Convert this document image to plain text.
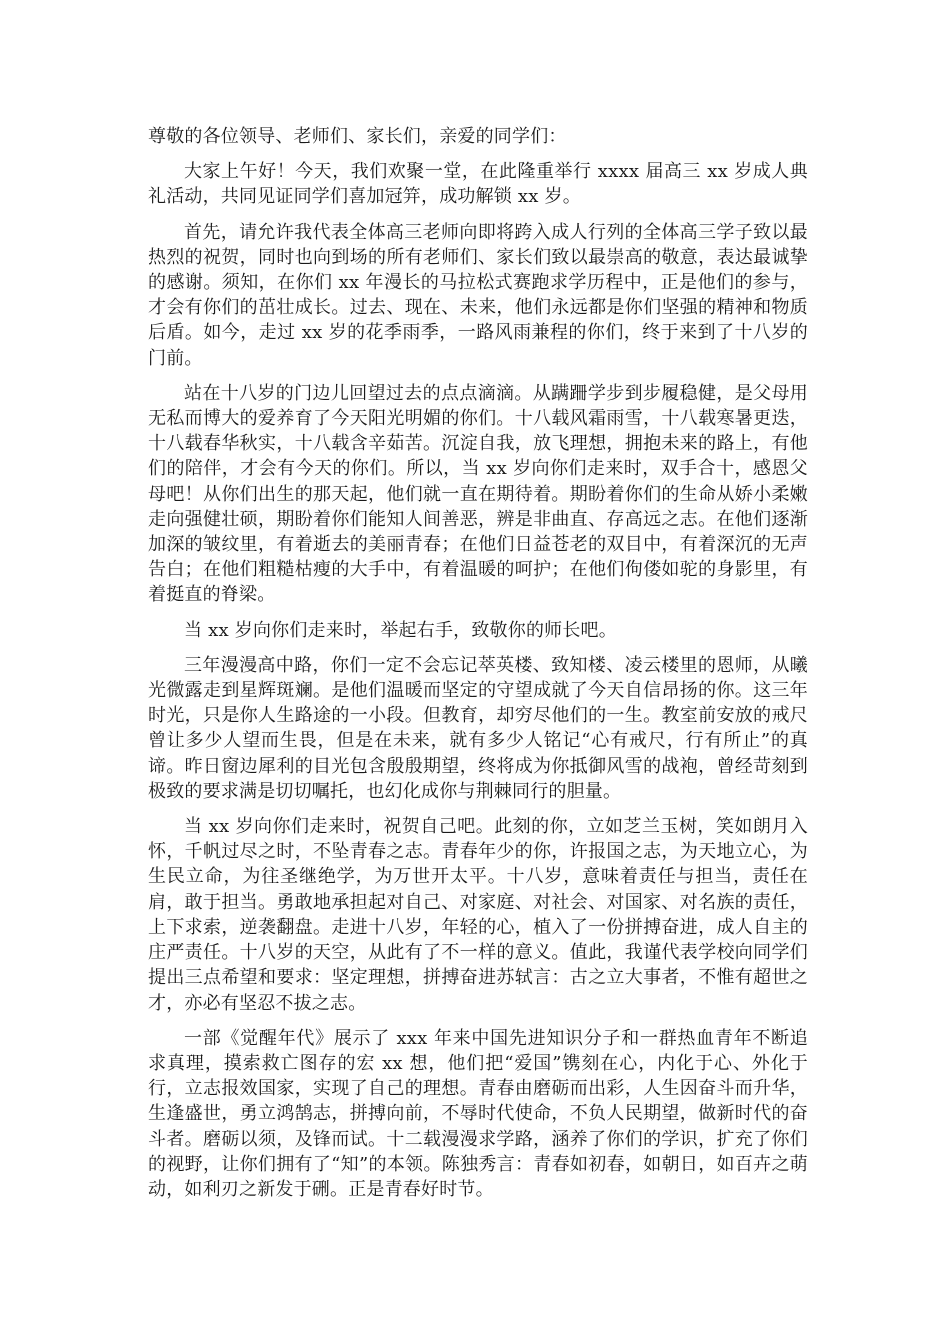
尊敬的各位领导、老师们、家长们，亲爱的同学们：

大家上午好！今天，我们欢聚一堂，在此隆重举行 xxxx 届高三 xx 岁成人典礼活动，共同见证同学们喜加冠笄，成功解锁 xx 岁。

首先，请允许我代表全体高三老师向即将跨入成人行列的全体高三学子致以最热烈的祝贺，同时也向到场的所有老师们、家长们致以最崇高的敬意，表达最诚挚的感谢。须知，在你们 xx 年漫长的马拉松式赛跑求学历程中，正是他们的参与，才会有你们的茁壮成长。过去、现在、未来，他们永远都是你们坚强的精神和物质后盾。如今，走过 xx 岁的花季雨季，一路风雨兼程的你们，终于来到了十八岁的门前。

站在十八岁的门边儿回望过去的点点滴滴。从蹒跚学步到步履稳健，是父母用无私而博大的爱养育了今天阳光明媚的你们。十八载风霜雨雪，十八载寒暑更迭，十八载春华秋实，十八载含辛茹苦。沉淀自我，放飞理想，拥抱未来的路上，有他们的陪伴，才会有今天的你们。所以，当 xx 岁向你们走来时，双手合十，感恩父母吧！从你们出生的那天起，他们就一直在期待着。期盼着你们的生命从娇小柔嫩走向强健壮硕，期盼着你们能知人间善恶，辨是非曲直、存高远之志。在他们逐渐加深的皱纹里，有着逝去的美丽青春；在他们日益苍老的双目中，有着深沉的无声告白；在他们粗糙枯瘦的大手中，有着温暖的呵护；在他们佝偻如驼的身影里，有着挺直的脊梁。

当 xx 岁向你们走来时，举起右手，致敬你的师长吧。

三年漫漫高中路，你们一定不会忘记萃英楼、致知楼、凌云楼里的恩师，从曦光微露走到星辉斑斓。是他们温暖而坚定的守望成就了今天自信昂扬的你。这三年时光，只是你人生路途的一小段。但教育，却穷尽他们的一生。教室前安放的戒尺曾让多少人望而生畏，但是在未来，就有多少人铭记“心有戒尺，行有所止”的真谛。昨日窗边犀利的目光包含殷殷期望，终将成为你抵御风雪的战袍，曾经苛刻到极致的要求满是切切嘱托，也幻化成你与荆棘同行的胆量。

当 xx 岁向你们走来时，祝贺自己吧。此刻的你，立如芝兰玉树，笑如朗月入怀，千帆过尽之时，不坠青春之志。青春年少的你，许报国之志，为天地立心，为生民立命，为往圣继绝学，为万世开太平。十八岁，意味着责任与担当，责任在肩，敢于担当。勇敢地承担起对自己、对家庭、对社会、对国家、对名族的责任，上下求索，逆袭翻盘。走进十八岁，年轻的心，植入了一份拼搏奋进，成人自主的庄严责任。十八岁的天空，从此有了不一样的意义。值此，我谨代表学校向同学们提出三点希望和要求：坚定理想，拼搏奋进苏轼言：古之立大事者，不惟有超世之才，亦必有坚忍不拔之志。

一部《觉醒年代》展示了 xxx 年来中国先进知识分子和一群热血青年不断追求真理，摸索救亡图存的宏 xx 想，他们把“爱国”镌刻在心，内化于心、外化于行，立志报效国家，实现了自己的理想。青春由磨砺而出彩，人生因奋斗而升华，生逢盛世，勇立鸿鹄志，拼搏向前，不辱时代使命，不负人民期望，做新时代的奋斗者。磨砺以须，及锋而试。十二载漫漫求学路，涵养了你们的学识，扩充了你们的视野，让你们拥有了“知”的本领。陈独秀言：青春如初春，如朝日，如百卉之萌动，如利刃之新发于硎。正是青春好时节。
